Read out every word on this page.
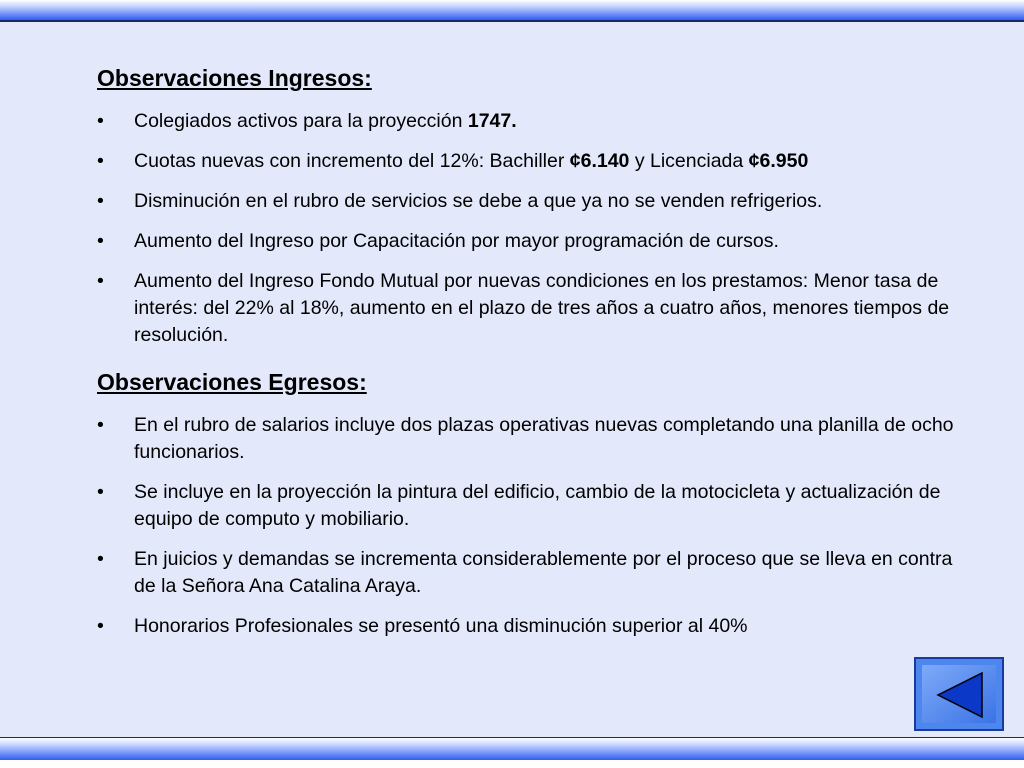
Observaciones Ingresos:
• Colegiados activos para la proyección 1747.
• Cuotas nuevas con incremento del 12%: Bachiller ¢6.140 y Licenciada ¢6.950
• Disminución en el rubro de servicios se debe a que ya no se venden refrigerios.
• Aumento del Ingreso por Capacitación por mayor programación de cursos.
• Aumento del Ingreso Fondo Mutual por nuevas condiciones en los prestamos: Menor tasa de interés: del 22% al 18%, aumento en el plazo de tres años a cuatro años, menores tiempos de resolución.
Observaciones Egresos:
• En el rubro de salarios incluye dos plazas operativas nuevas completando una planilla de ocho funcionarios.
• Se incluye en la proyección la pintura del edificio, cambio de la motocicleta y actualización de equipo de computo y mobiliario.
• En juicios y demandas se incrementa considerablemente por el proceso que se lleva en contra de la Señora Ana Catalina Araya.
• Honorarios Profesionales se presentó una disminución superior al 40%
